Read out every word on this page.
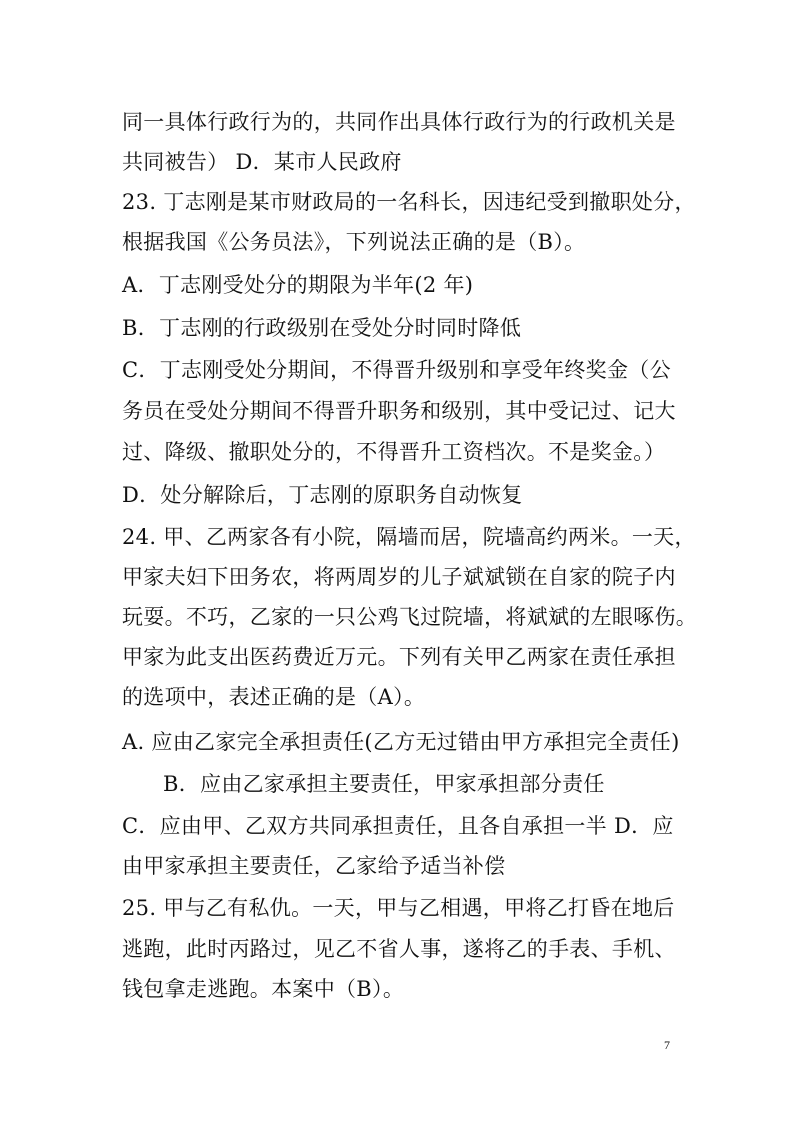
同一具体行政行为的，共同作出具体行政行为的行政机关是
共同被告） D．某市人民政府
23. 丁志刚是某市财政局的一名科长，因违纪受到撤职处分，
根据我国《公务员法》，下列说法正确的是（B）。
A．丁志刚受处分的期限为半年(2 年)
B．丁志刚的行政级别在受处分时同时降低
C．丁志刚受处分期间，不得晋升级别和享受年终奖金（公
务员在受处分期间不得晋升职务和级别，其中受记过、记大
过、降级、撤职处分的，不得晋升工资档次。不是奖金。）
D．处分解除后，丁志刚的原职务自动恢复
24. 甲、乙两家各有小院，隔墙而居，院墙高约两米。一天，
甲家夫妇下田务农，将两周岁的儿子斌斌锁在自家的院子内
玩耍。不巧，乙家的一只公鸡飞过院墙，将斌斌的左眼啄伤。
甲家为此支出医药费近万元。下列有关甲乙两家在责任承担
的选项中，表述正确的是（A）。
A. 应由乙家完全承担责任(乙方无过错由甲方承担完全责任)
B．应由乙家承担主要责任，甲家承担部分责任
C．应由甲、乙双方共同承担责任，且各自承担一半 D．应
由甲家承担主要责任，乙家给予适当补偿
25. 甲与乙有私仇。一天，甲与乙相遇，甲将乙打昏在地后
逃跑，此时丙路过，见乙不省人事，遂将乙的手表、手机、
钱包拿走逃跑。本案中（B）。
7
